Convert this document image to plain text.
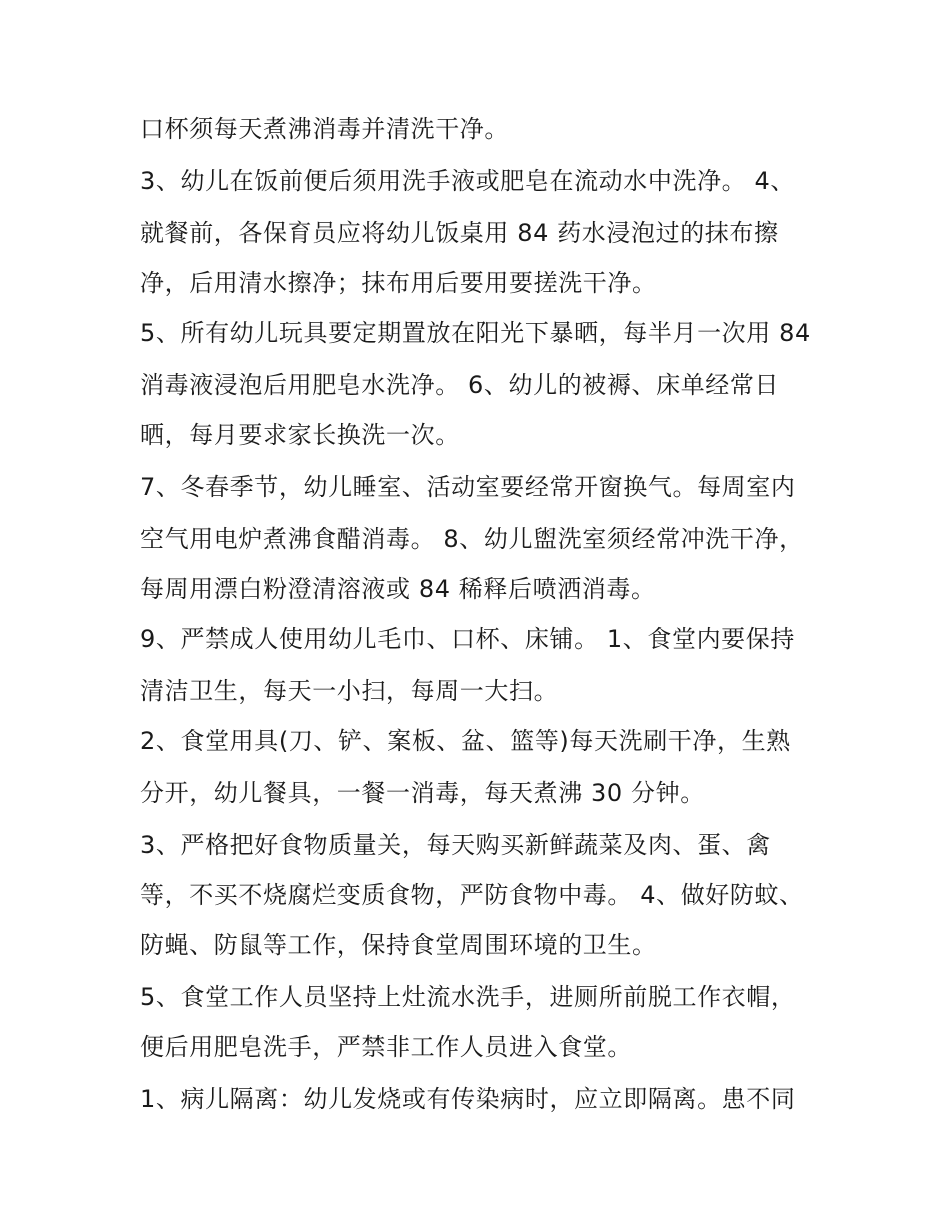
口杯须每天煮沸消毒并清洗干净。
3、幼儿在饭前便后须用洗手液或肥皂在流动水中洗净。 4、
就餐前，各保育员应将幼儿饭桌用 84 药水浸泡过的抹布擦
净，后用清水擦净；抹布用后要用要搓洗干净。
5、所有幼儿玩具要定期置放在阳光下暴晒，每半月一次用 84
消毒液浸泡后用肥皂水洗净。 6、幼儿的被褥、床单经常日
晒，每月要求家长换洗一次。
7、冬春季节，幼儿睡室、活动室要经常开窗换气。每周室内
空气用电炉煮沸食醋消毒。 8、幼儿盥洗室须经常冲洗干净，
每周用漂白粉澄清溶液或 84 稀释后喷洒消毒。
9、严禁成人使用幼儿毛巾、口杯、床铺。 1、食堂内要保持
清洁卫生，每天一小扫，每周一大扫。
2、食堂用具(刀、铲、案板、盆、篮等)每天洗刷干净，生熟
分开，幼儿餐具，一餐一消毒，每天煮沸 30 分钟。
3、严格把好食物质量关，每天购买新鲜蔬菜及肉、蛋、禽
等，不买不烧腐烂变质食物，严防食物中毒。 4、做好防蚊、
防蝇、防鼠等工作，保持食堂周围环境的卫生。
5、食堂工作人员坚持上灶流水洗手，进厕所前脱工作衣帽，
便后用肥皂洗手，严禁非工作人员进入食堂。
1、病儿隔离：幼儿发烧或有传染病时，应立即隔离。患不同
